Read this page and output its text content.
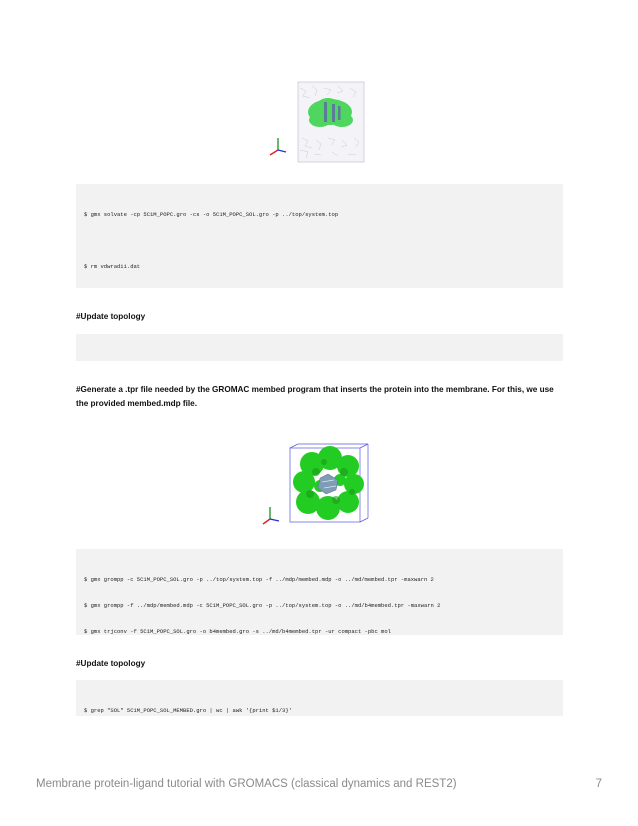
$ gmx solvate -cp 5C1M_POPC.gro -cs -o 5C1M_POPC_SOL.gro -p ../top/system.top

$ rm vdwradii.dat

#Update topology

#Generate a .tpr file needed by the GROMAC membed program that inserts the protein into the membrane. For this, we use the provided membed.mdp file.

$ gmx grompp -c 5C1M_POPC_SOL.gro -p ../top/system.top -f ../mdp/membed.mdp -o ../md/membed.tpr -maxwarn 2

$ gmx grompp -f ../mdp/membed.mdp -c 5C1M_POPC_SOL.gro -p ../top/system.top -o ../md/b4membed.tpr -maxwarn 2

$ gmx trjconv -f 5C1M_POPC_SOL.gro -o b4membed.gro -s ../md/b4membed.tpr -ur compact -pbc mol

#Update topology

$ grep "SOL" 5C1M_POPC_SOL_MEMBED.gro | wc | awk '{print $1/3}'

Membrane protein-ligand tutorial with GROMACS (classical dynamics and REST2)	7
